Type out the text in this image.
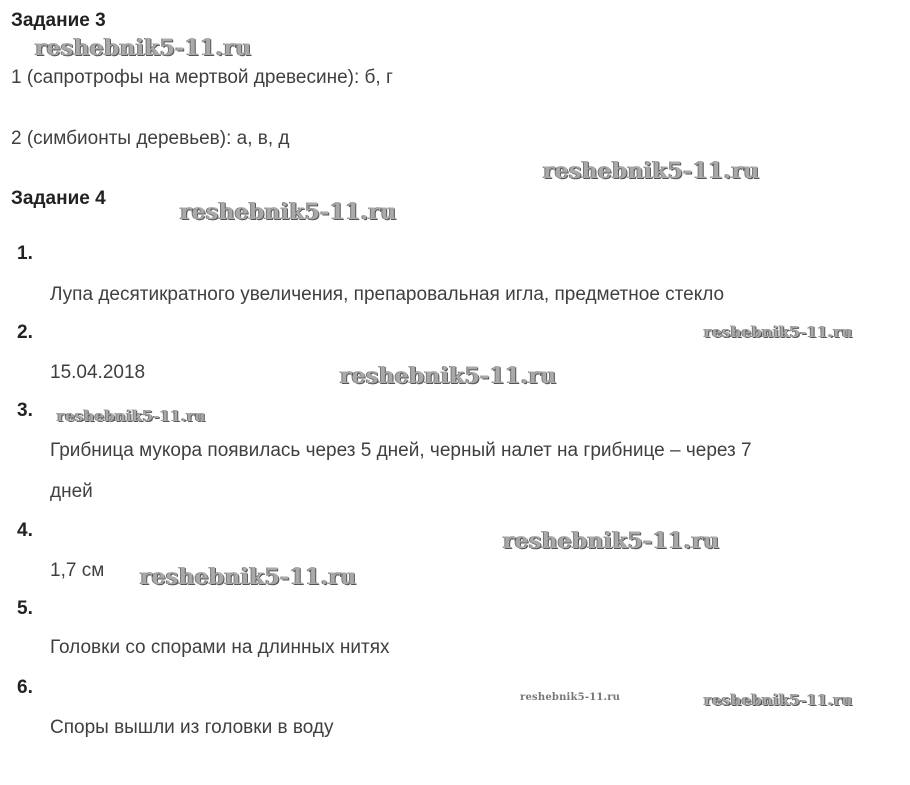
Задание 3
1 (сапротрофы на мертвой древесине): б, г
2 (симбионты деревьев): а, в, д
Задание 4
1.
Лупа десятикратного увеличения, препаровальная игла, предметное стекло
2.
15.04.2018
3.
Грибница мукора появилась через 5 дней, черный налет на грибнице – через 7
дней
4.
1,7 см
5.
Головки со спорами на длинных нитях
6.
Споры вышли из головки в воду
reshebnik5-11.ru
reshebnik5-11.ru
reshebnik5-11.ru
reshebnik5-11.ru
reshebnik5-11.ru
reshebnik5-11.ru
reshebnik5-11.ru
reshebnik5-11.ru
reshebnik5-11.ru	reshebnik5-11.ru
